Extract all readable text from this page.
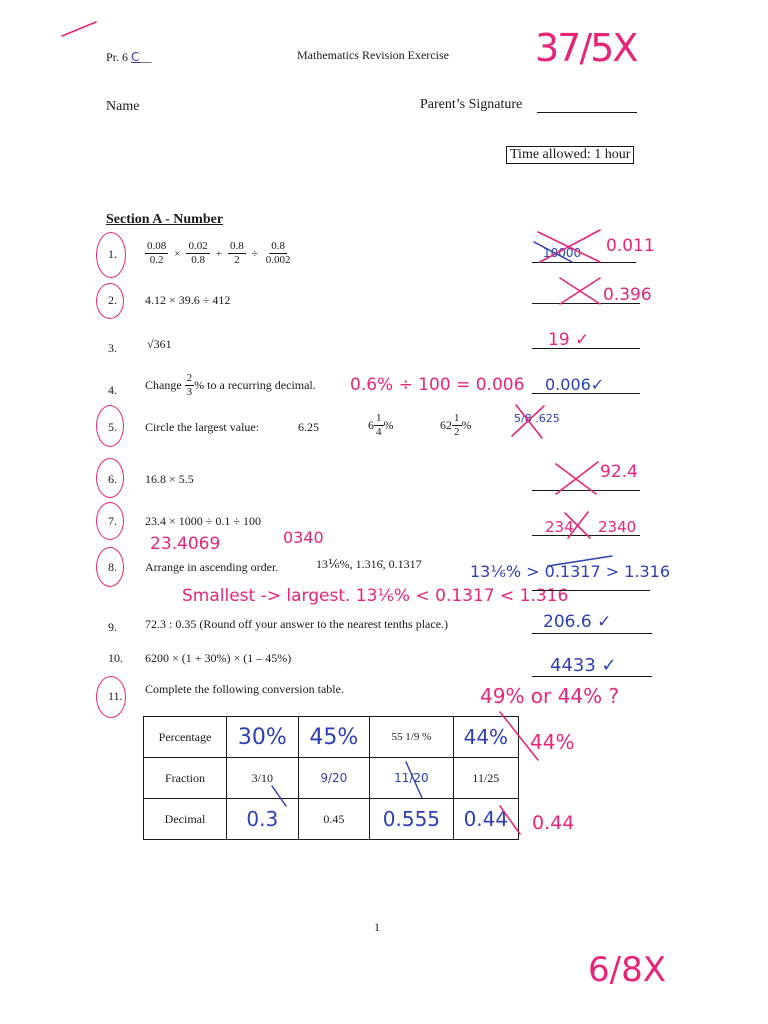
Pr. 6 C__	Mathematics Revision Exercise 37/5X
Name	Parent’s Signature
Time allowed: 1 hour
Section A - Number
1.	$\frac{0.08}{0.2} \times \frac{0.02}{0.8} + \frac{0.8}{2} \div \frac{0.8}{0.002}$	10000 0.011
2. 4.12 × 39.6 ÷ 412	0.396
3.	√361	19 ✓
4. Change $\frac{2}{3}$ % to a recurring decimal. 0.6% ÷ 100 = 0.006 0.006✓
5. Circle the largest value:	6.25	$6 \frac{1}{4}$ %	$62 \frac{1}{2}$ %	5/8 .625
6. 16.8 × 5.5	92.4
7. 23.4 × 1000 ÷ 0.1 ÷ 100
23.4069	0340
234 2340
8. Arrange in ascending order.	13⅙%, 1.316̇, 0.1317	13⅙% > 0.1317 > 1.316
Smallest -> largest. 13⅙% < 0.1317 < 1.316
9. 72.3 : 0.35 (Round off your answer to the nearest tenths place.)	206.6 ✓
10. 6200 × (1 + 30%) × (1 – 45%)	4433 ✓
11. Complete the following conversion table.	49% or 44% ?
Percentage	30%	45%	55 1/9 %	44%
Fraction	3/10	9/20	11/20	11/25
Decimal	0.3	0.45	0.555	0.44
44%
0.44
1
6/8X
